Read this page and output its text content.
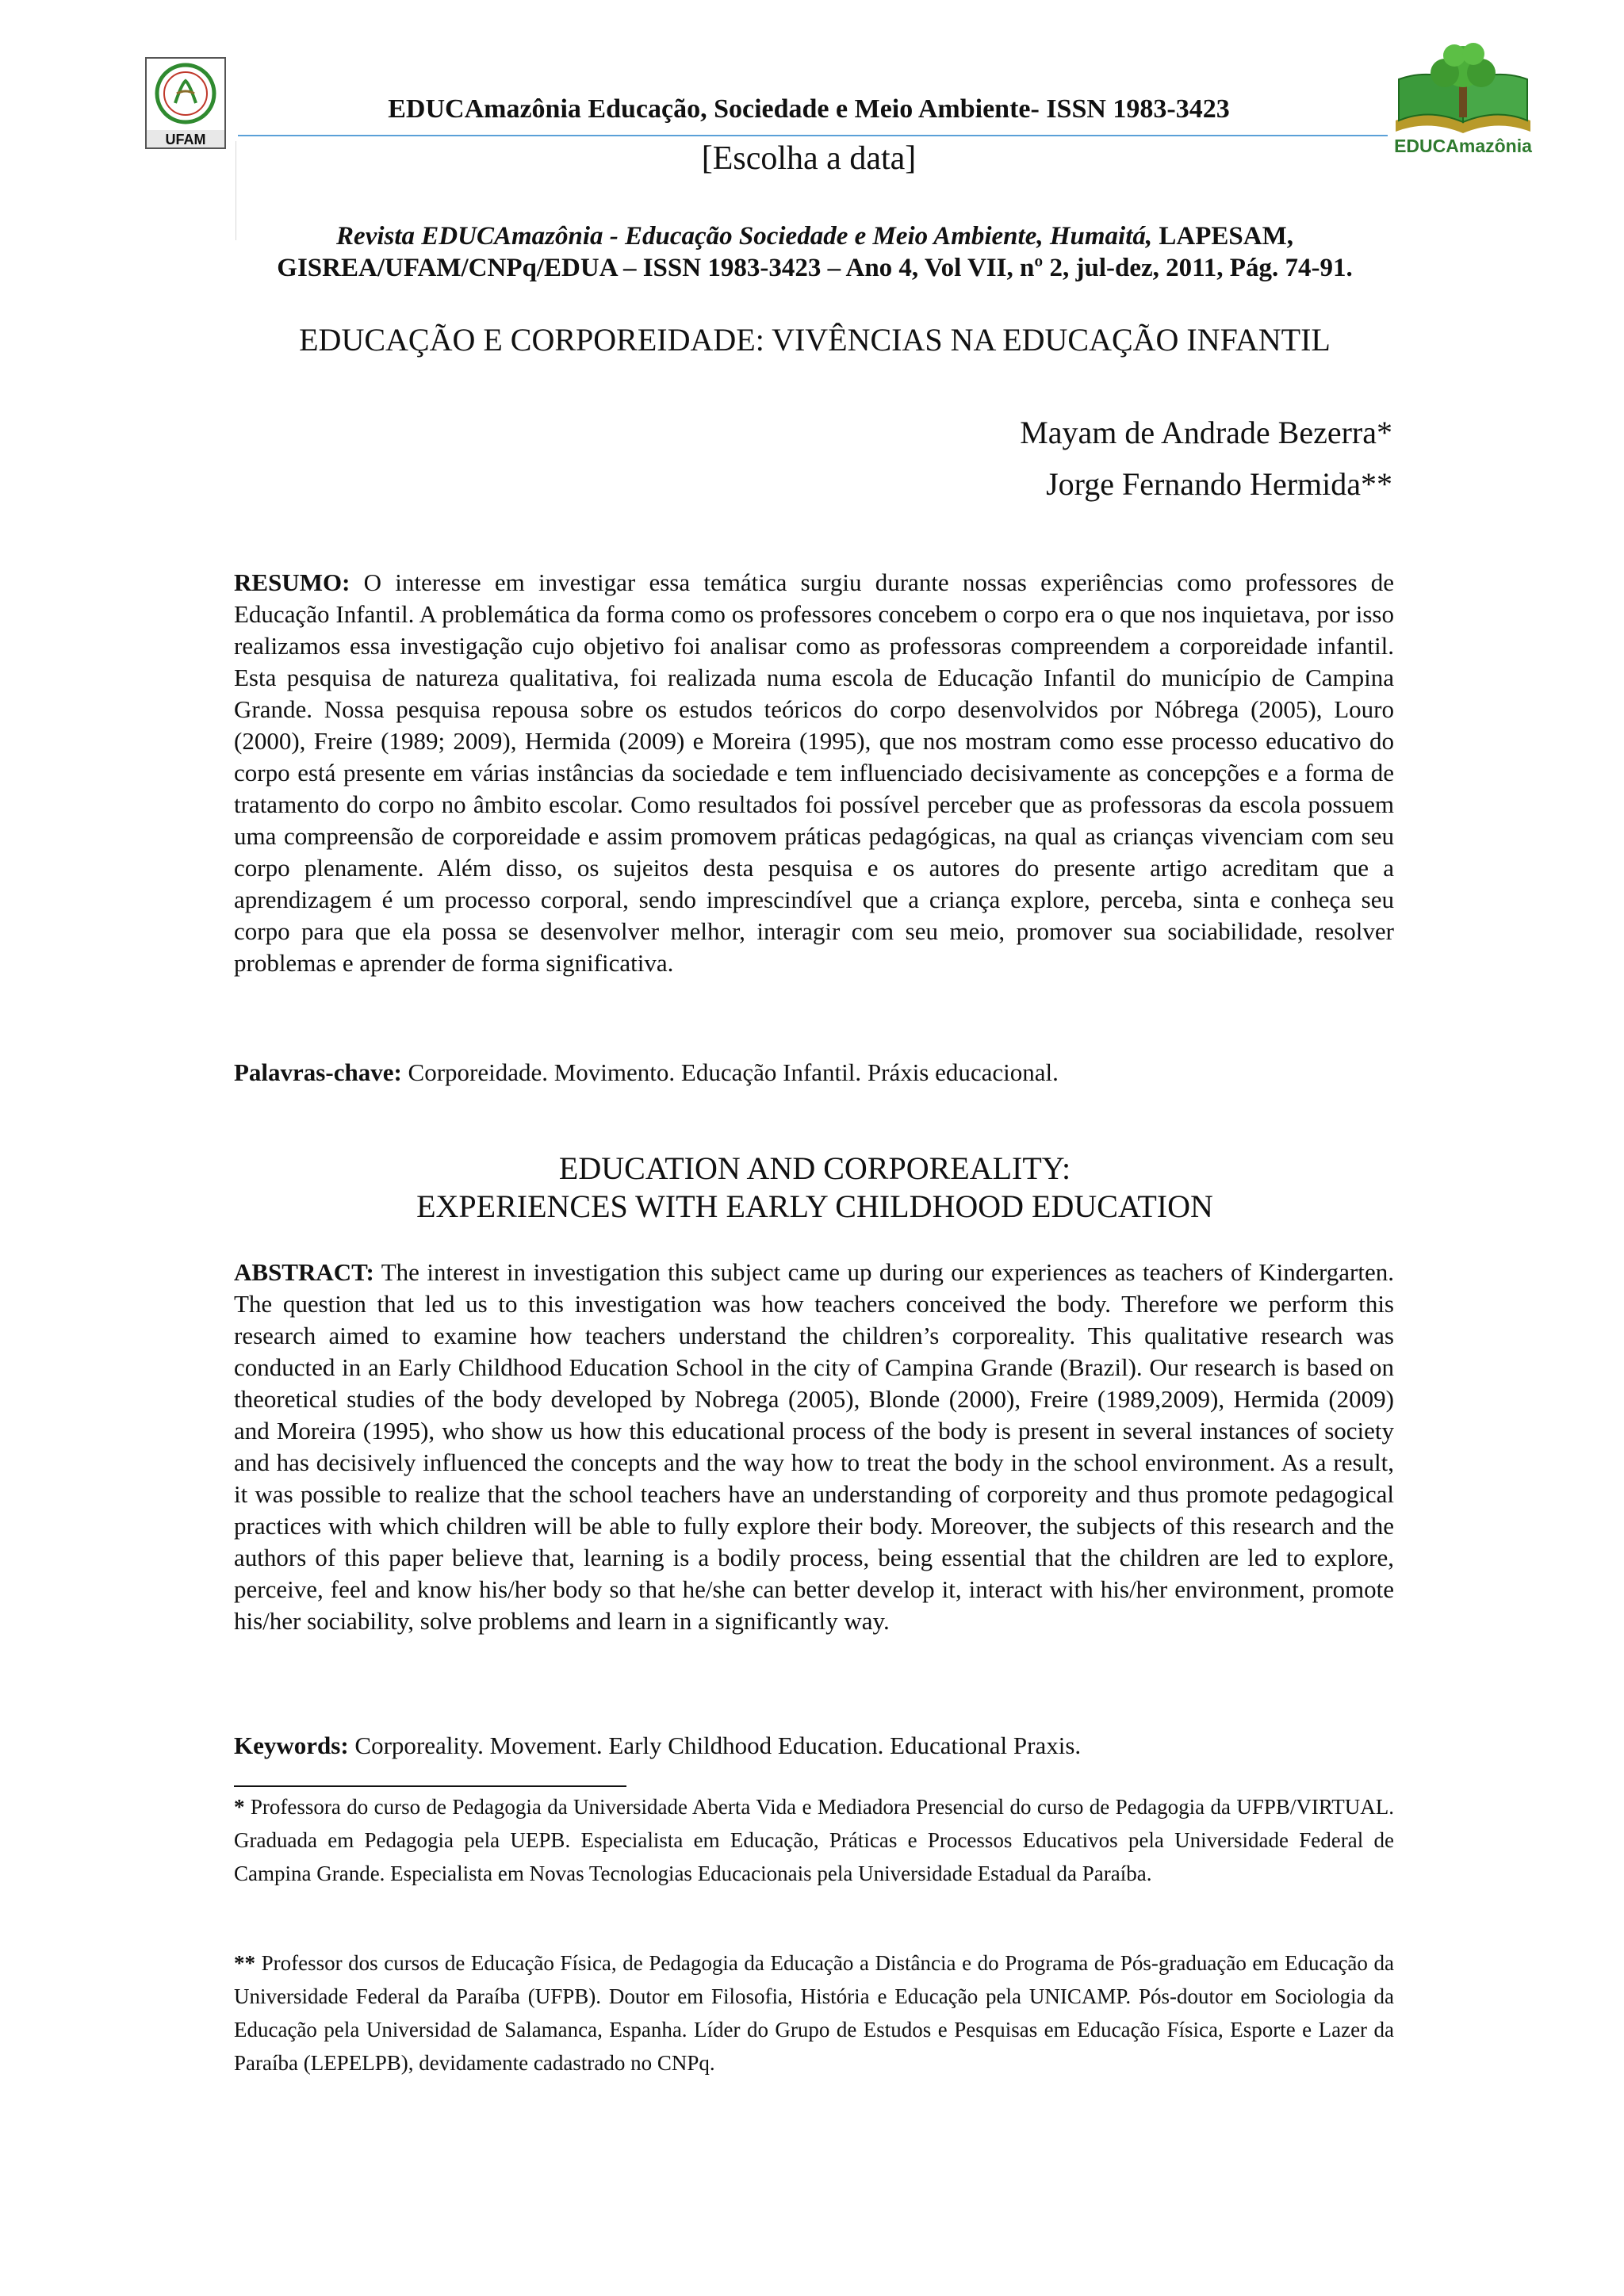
UFAM	EDUCAmazônia
EDUCAmazônia Educação, Sociedade e Meio Ambiente- ISSN 1983-3423
[Escolha a data]
Revista EDUCAmazônia - Educação Sociedade e Meio Ambiente, Humaitá, LAPESAM,
GISREA/UFAM/CNPq/EDUA – ISSN 1983-3423 – Ano 4, Vol VII, nº 2, jul-dez, 2011, Pág. 74-91.
EDUCAÇÃO E CORPOREIDADE: VIVÊNCIAS NA EDUCAÇÃO INFANTIL
Mayam de Andrade Bezerra*
Jorge Fernando Hermida**
RESUMO: O interesse em investigar essa temática surgiu durante nossas experiências como professores de Educação Infantil. A problemática da forma como os professores concebem o corpo era o que nos inquietava, por isso realizamos essa investigação cujo objetivo foi analisar como as professoras compreendem a corporeidade infantil. Esta pesquisa de natureza qualitativa, foi realizada numa escola de Educação Infantil do município de Campina Grande. Nossa pesquisa repousa sobre os estudos teóricos do corpo desenvolvidos por Nóbrega (2005), Louro (2000), Freire (1989; 2009), Hermida (2009) e Moreira (1995), que nos mostram como esse processo educativo do corpo está presente em várias instâncias da sociedade e tem influenciado decisivamente as concepções e a forma de tratamento do corpo no âmbito escolar. Como resultados foi possível perceber que as professoras da escola possuem uma compreensão de corporeidade e assim promovem práticas pedagógicas, na qual as crianças vivenciam com seu corpo plenamente. Além disso, os sujeitos desta pesquisa e os autores do presente artigo acreditam que a aprendizagem é um processo corporal, sendo imprescindível que a criança explore, perceba, sinta e conheça seu corpo para que ela possa se desenvolver melhor, interagir com seu meio, promover sua sociabilidade, resolver problemas e aprender de forma significativa.
Palavras-chave: Corporeidade. Movimento. Educação Infantil. Práxis educacional.
EDUCATION AND CORPOREALITY:
EXPERIENCES WITH EARLY CHILDHOOD EDUCATION
ABSTRACT: The interest in investigation this subject came up during our experiences as teachers of Kindergarten. The question that led us to this investigation was how teachers conceived the body. Therefore we perform this research aimed to examine how teachers understand the children’s corporeality. This qualitative research was conducted in an Early Childhood Education School in the city of Campina Grande (Brazil). Our research is based on theoretical studies of the body developed by Nobrega (2005), Blonde (2000), Freire (1989,2009), Hermida (2009) and Moreira (1995), who show us how this educational process of the body is present in several instances of society and has decisively influenced the concepts and the way how to treat the body in the school environment. As a result, it was possible to realize that the school teachers have an understanding of corporeity and thus promote pedagogical practices with which children will be able to fully explore their body. Moreover, the subjects of this research and the authors of this paper believe that, learning is a bodily process, being essential that the children are led to explore, perceive, feel and know his/her body so that he/she can better develop it, interact with his/her environment, promote his/her sociability, solve problems and learn in a significantly way.
Keywords: Corporeality. Movement. Early Childhood Education. Educational Praxis.
* Professora do curso de Pedagogia da Universidade Aberta Vida e Mediadora Presencial do curso de Pedagogia da UFPB/VIRTUAL. Graduada em Pedagogia pela UEPB. Especialista em Educação, Práticas e Processos Educativos pela Universidade Federal de Campina Grande. Especialista em Novas Tecnologias Educacionais pela Universidade Estadual da Paraíba.
** Professor dos cursos de Educação Física, de Pedagogia da Educação a Distância e do Programa de Pós-graduação em Educação da Universidade Federal da Paraíba (UFPB). Doutor em Filosofia, História e Educação pela UNICAMP. Pós-doutor em Sociologia da Educação pela Universidad de Salamanca, Espanha. Líder do Grupo de Estudos e Pesquisas em Educação Física, Esporte e Lazer da Paraíba (LEPELPB), devidamente cadastrado no CNPq.
